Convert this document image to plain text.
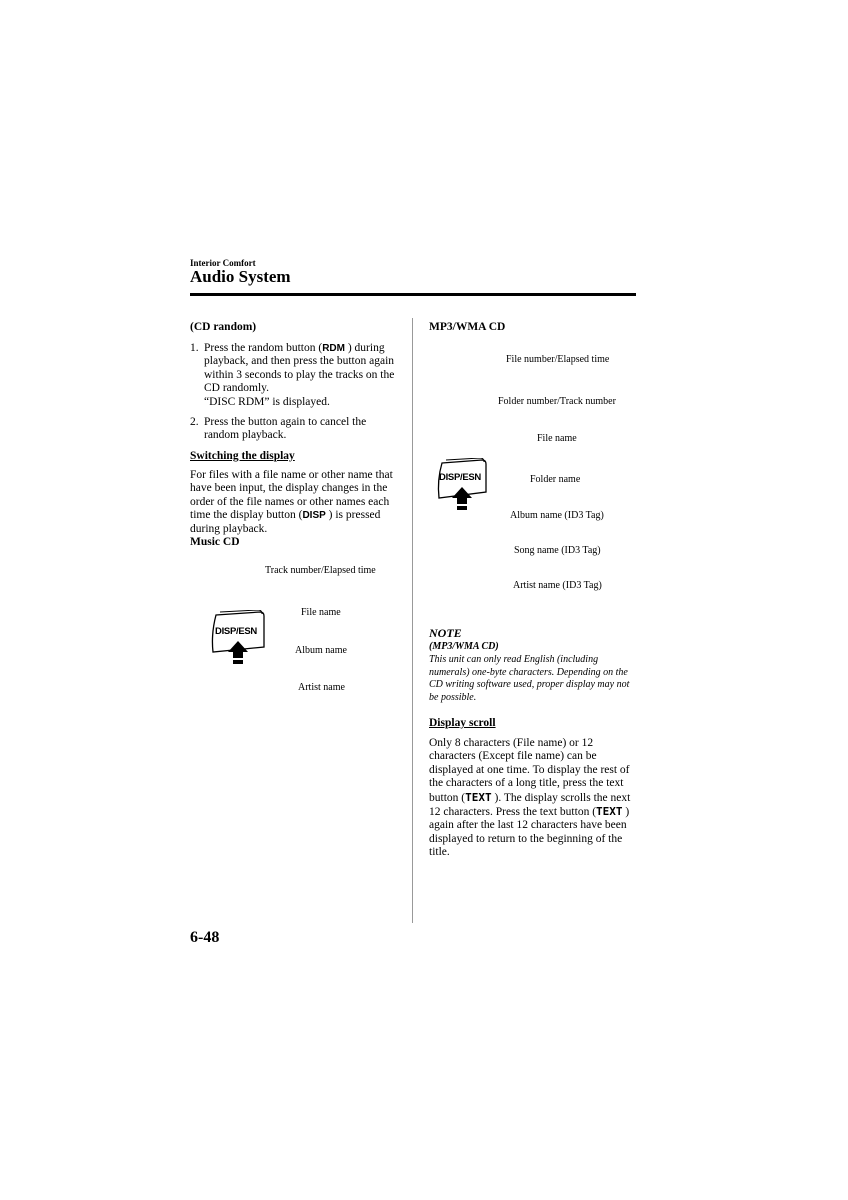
Interior Comfort
Audio System
(CD random)
1. Press the random button (RDM ) during playback, and then press the button again within 3 seconds to play the tracks on the CD randomly.
“DISC RDM” is displayed.
2. Press the button again to cancel the random playback.
Switching the display
For files with a file name or other name that have been input, the display changes in the order of the file names or other names each time the display button (DISP ) is pressed during playback.
Music CD
Track number/Elapsed time
File name
Album name
Artist name
DISP/ESN
MP3/WMA CD
File number/Elapsed time
Folder number/Track number
File name
Folder name
Album name (ID3 Tag)
Song name (ID3 Tag)
Artist name (ID3 Tag)
DISP/ESN
NOTE
(MP3/WMA CD)
This unit can only read English (including numerals) one-byte characters. Depending on the CD writing software used, proper display may not be possible.
Display scroll
Only 8 characters (File name) or 12 characters (Except file name) can be displayed at one time. To display the rest of the characters of a long title, press the text button (TEXT ). The display scrolls the next 12 characters. Press the text button (TEXT ) again after the last 12 characters have been displayed to return to the beginning of the title.
6-48
